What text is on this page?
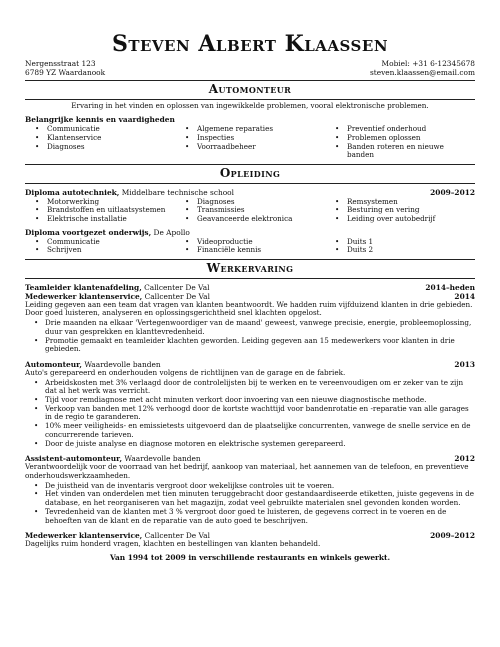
Steven Albert Klaassen
Nergensstraat 123
6789 YZ Waardanook
Mobiel: +31 6-12345678
steven.klaassen@email.com
Automonteur
Ervaring in het vinden en oplossen van ingewikkelde problemen, vooral elektronische problemen.
Belangrijke kennis en vaardigheden
• Communicatie	• Algemene reparaties	• Preventief onderhoud
• Klantenservice	• Inspecties	• Problemen oplossen
• Diagnoses	• Voorraadbeheer	• Banden roteren en nieuwe banden
Opleiding
Diploma autotechniek, Middelbare technische school	2009–2012
• Motorwerking	• Diagnoses	• Remsystemen
• Brandstoffen en uitlaatsystemen	• Transmissies	• Besturing en vering
• Elektrische installatie	• Geavanceerde elektronica	• Leiding over autobedrijf
Diploma voortgezet onderwijs, De Apollo
• Communicatie	• Videoproductie	• Duits 1
• Schrijven	• Financiële kennis	• Duits 2
Werkervaring
Teamleider klantenafdeling, Callcenter De Val	2014–heden
Medewerker klantenservice, Callcenter De Val	2014
Leiding gegeven aan een team dat vragen van klanten beantwoordt. We hadden ruim vijfduizend klanten in drie gebieden. Door goed luisteren, analyseren en oplossingsgerichtheid snel klachten opgelost.
• Drie maanden na elkaar 'Vertegenwoordiger van de maand' geweest, vanwege precisie, energie, probleemoplossing, duur van gesprekken en klanttevredenheid.
• Promotie gemaakt en teamleider klachten geworden. Leiding gegeven aan 15 medewerkers voor klanten in drie gebieden.
Automonteur, Waardevolle banden	2013
Auto's gerepareerd en onderhouden volgens de richtlijnen van de garage en de fabriek.
• Arbeidskosten met 3% verlaagd door de controlelijsten bij te werken en te vereenvoudigen om er zeker van te zijn dat al het werk was verricht.
• Tijd voor remdiagnose met acht minuten verkort door invoering van een nieuwe diagnostische methode.
• Verkoop van banden met 12% verhoogd door de kortste wachttijd voor bandenrotatie en -reparatie van alle garages in de regio te garanderen.
• 10% meer veiligheids- en emissietests uitgevoerd dan de plaatselijke concurrenten, vanwege de snelle service en de concurrerende tarieven.
• Door de juiste analyse en diagnose motoren en elektrische systemen gerepareerd.
Assistent-automonteur, Waardevolle banden	2012
Verantwoordelijk voor de voorraad van het bedrijf, aankoop van materiaal, het aannemen van de telefoon, en preventieve onderhoudswerkzaamheden.
• De juistheid van de inventaris vergroot door wekelijkse controles uit te voeren.
• Het vinden van onderdelen met tien minuten teruggebracht door gestandaardiseerde etiketten, juiste gegevens in de database, en het reorganiseren van het magazijn, zodat veel gebruikte materialen snel gevonden konden worden.
• Tevredenheid van de klanten met 3 % vergroot door goed te luisteren, de gegevens correct in te voeren en de behoeften van de klant en de reparatie van de auto goed te beschrijven.
Medewerker klantenservice, Callcenter De Val	2009–2012
Dagelijks ruim honderd vragen, klachten en bestellingen van klanten behandeld.
Van 1994 tot 2009 in verschillende restaurants en winkels gewerkt.
